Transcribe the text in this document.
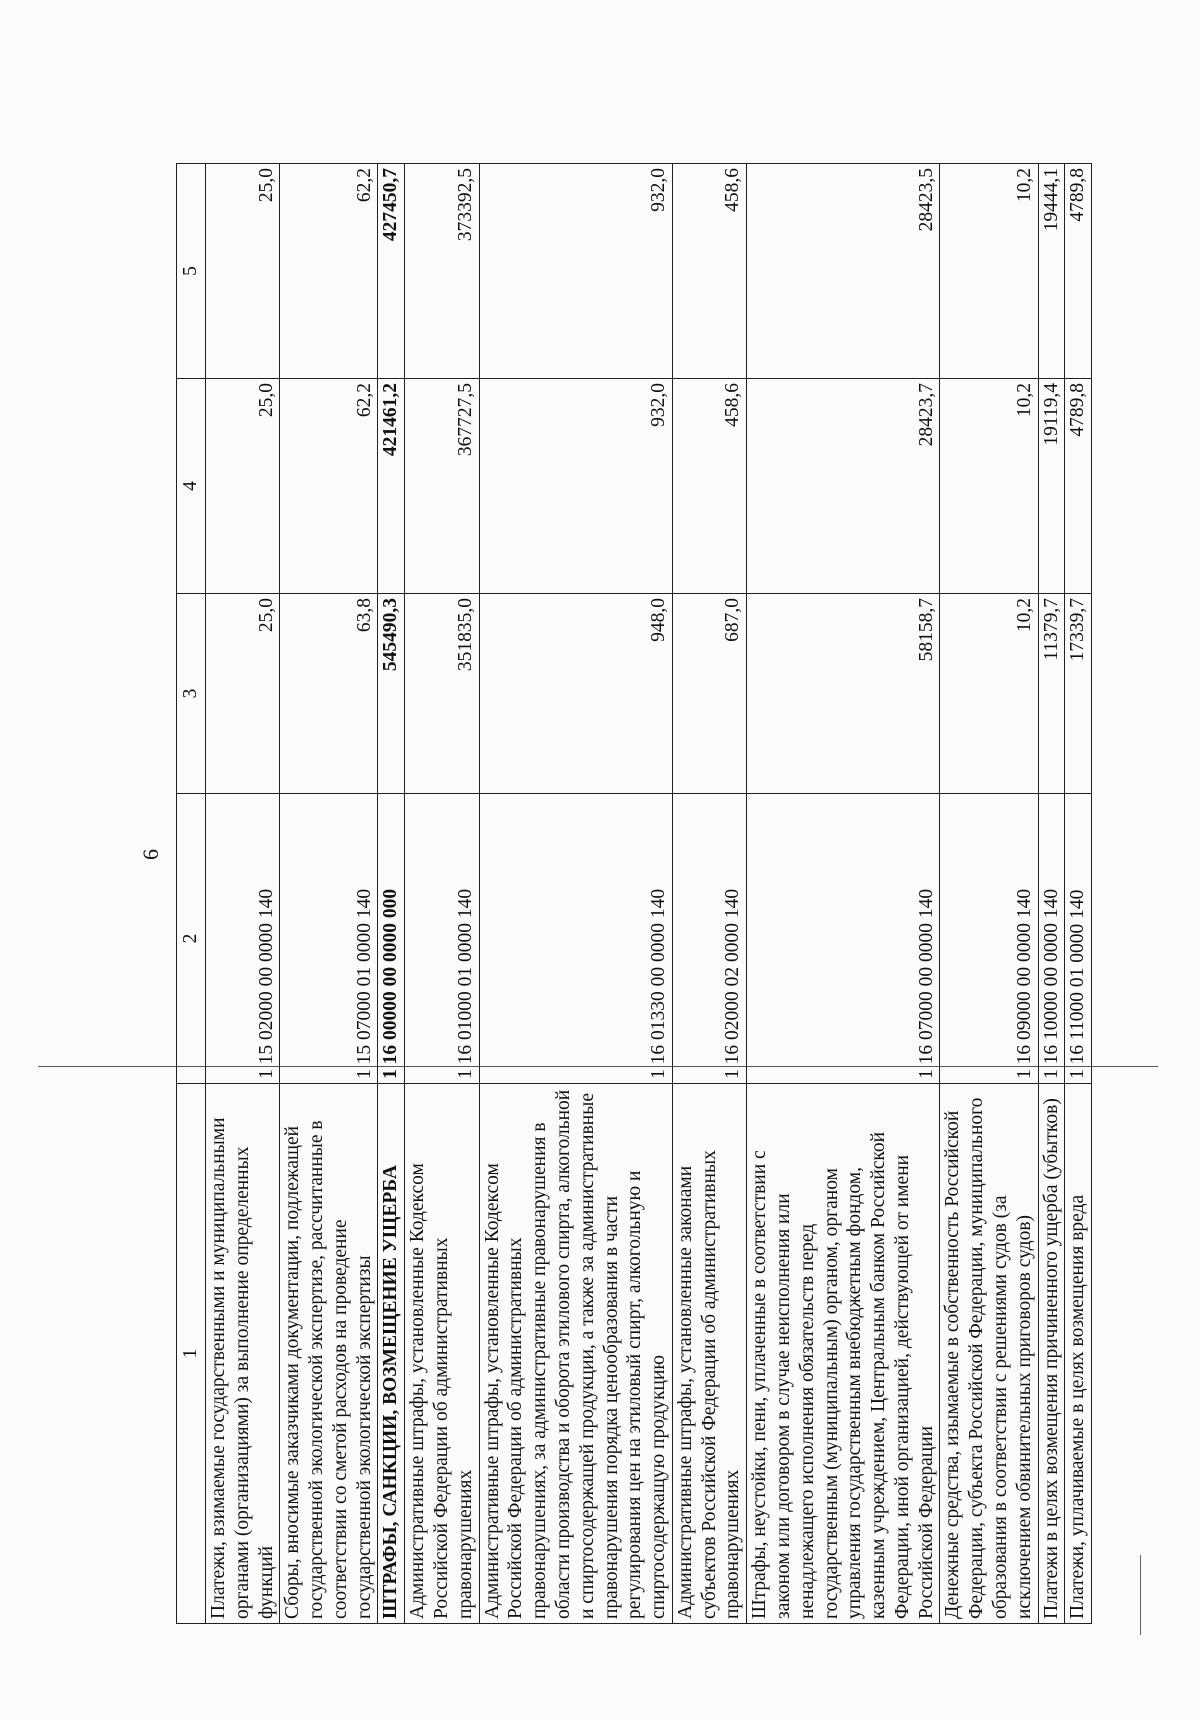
6
1	2	3	4	5
Платежи, взимаемые государственными и муниципальными органами (организациями) за выполнение определенных функций	1 15 02000 00 0000 140	25,0	25,0	25,0
Сборы, вносимые заказчиками документации, подлежащей государственной экологической экспертизе, рассчитанные в соответствии со сметой расходов на проведение государственной экологической экспертизы	1 15 07000 01 0000 140	63,8	62,2	62,2
ШТРАФЫ, САНКЦИИ, ВОЗМЕЩЕНИЕ УЩЕРБА	1 16 00000 00 0000 000	545490,3	421461,2	427450,7
Административные штрафы, установленные Кодексом Российской Федерации об административных правонарушениях	1 16 01000 01 0000 140	351835,0	367727,5	373392,5
Административные штрафы, установленные Кодексом Российской Федерации об административных правонарушениях, за административные правонарушения в области производства и оборота этилового спирта, алкогольной и спиртосодержащей продукции, а также за административные правонарушения порядка ценообразования в части регулирования цен на этиловый спирт, алкогольную и спиртосодержащую продукцию	1 16 01330 00 0000 140	948,0	932,0	932,0
Административные штрафы, установленные законами субъектов Российской Федерации об административных правонарушениях	1 16 02000 02 0000 140	687,0	458,6	458,6
Штрафы, неустойки, пени, уплаченные в соответствии с законом или договором в случае неисполнения или ненадлежащего исполнения обязательств перед государственным (муниципальным) органом, органом управления государственным внебюджетным фондом, казенным учреждением, Центральным банком Российской Федерации, иной организацией, действующей от имени Российской Федерации	1 16 07000 00 0000 140	58158,7	28423,7	28423,5
Денежные средства, изымаемые в собственность Российской Федерации, субъекта Российской Федерации, муниципального образования в соответствии с решениями судов (за исключением обвинительных приговоров судов)	1 16 09000 00 0000 140	10,2	10,2	10,2
Платежи в целях возмещения причиненного ущерба (убытков)	1 16 10000 00 0000 140	11379,7	19119,4	19444,1
Платежи, уплачиваемые в целях возмещения вреда	1 16 11000 01 0000 140	17339,7	4789,8	4789,8
